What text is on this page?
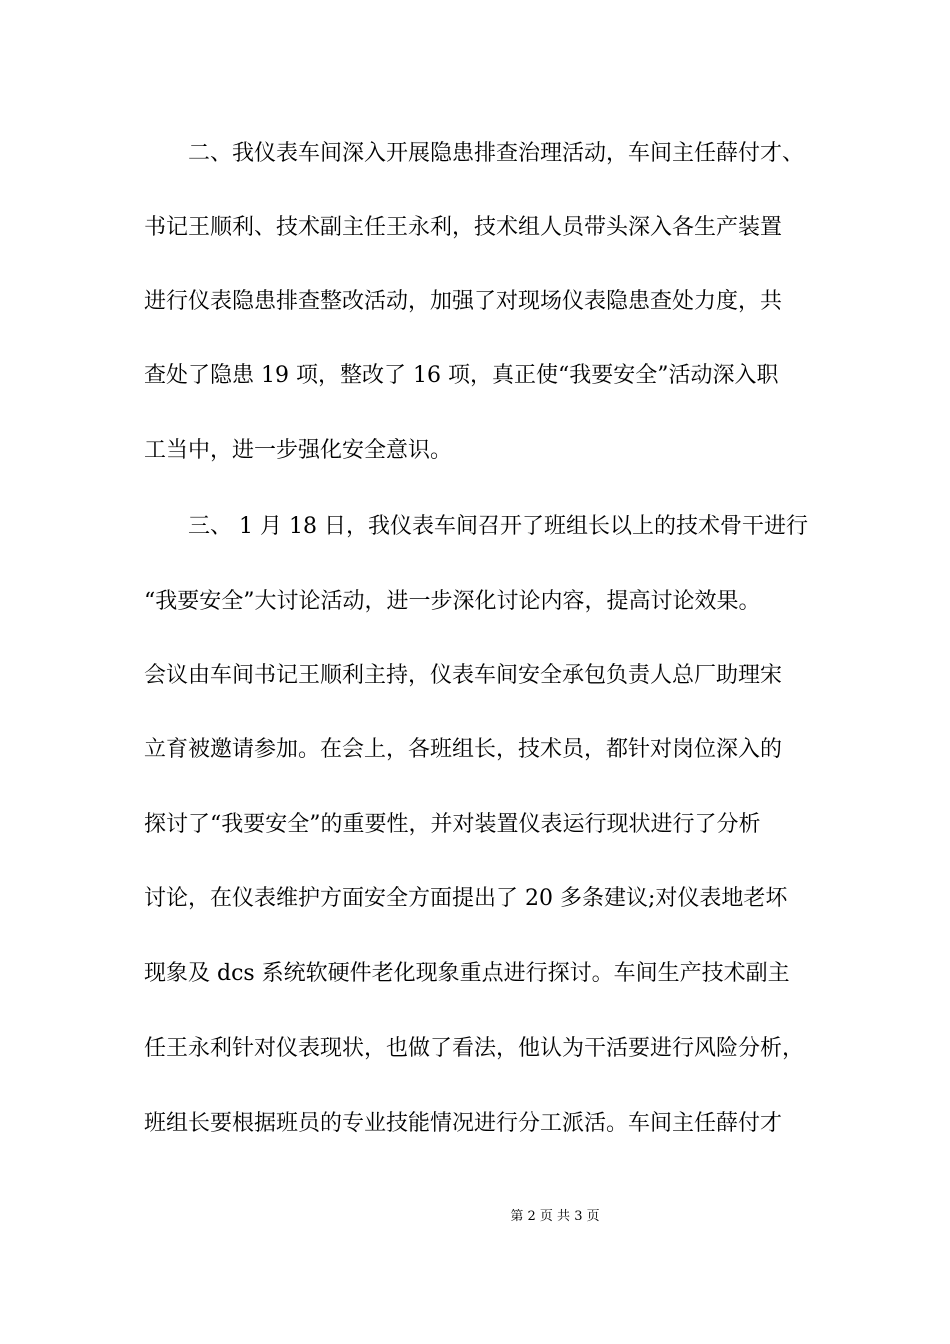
　　二、我仪表车间深入开展隐患排查治理活动，车间主任薛付才、
书记王顺利、技术副主任王永利，技术组人员带头深入各生产装置
进行仪表隐患排查整改活动，加强了对现场仪表隐患查处力度，共
查处了隐患 19 项，整改了 16 项，真正使“我要安全”活动深入职
工当中，进一步强化安全意识。
　　三、 1 月 18 日，我仪表车间召开了班组长以上的技术骨干进行
“我要安全”大讨论活动，进一步深化讨论内容，提高讨论效果。
会议由车间书记王顺利主持，仪表车间安全承包负责人总厂助理宋
立育被邀请参加。在会上，各班组长，技术员，都针对岗位深入的
探讨了“我要安全”的重要性，并对装置仪表运行现状进行了分析
讨论，在仪表维护方面安全方面提出了 20 多条建议;对仪表地老坏
现象及 dcs 系统软硬件老化现象重点进行探讨。车间生产技术副主
任王永利针对仪表现状，也做了看法，他认为干活要进行风险分析，
班组长要根据班员的专业技能情况进行分工派活。车间主任薛付才
第 2 页 共 3 页
